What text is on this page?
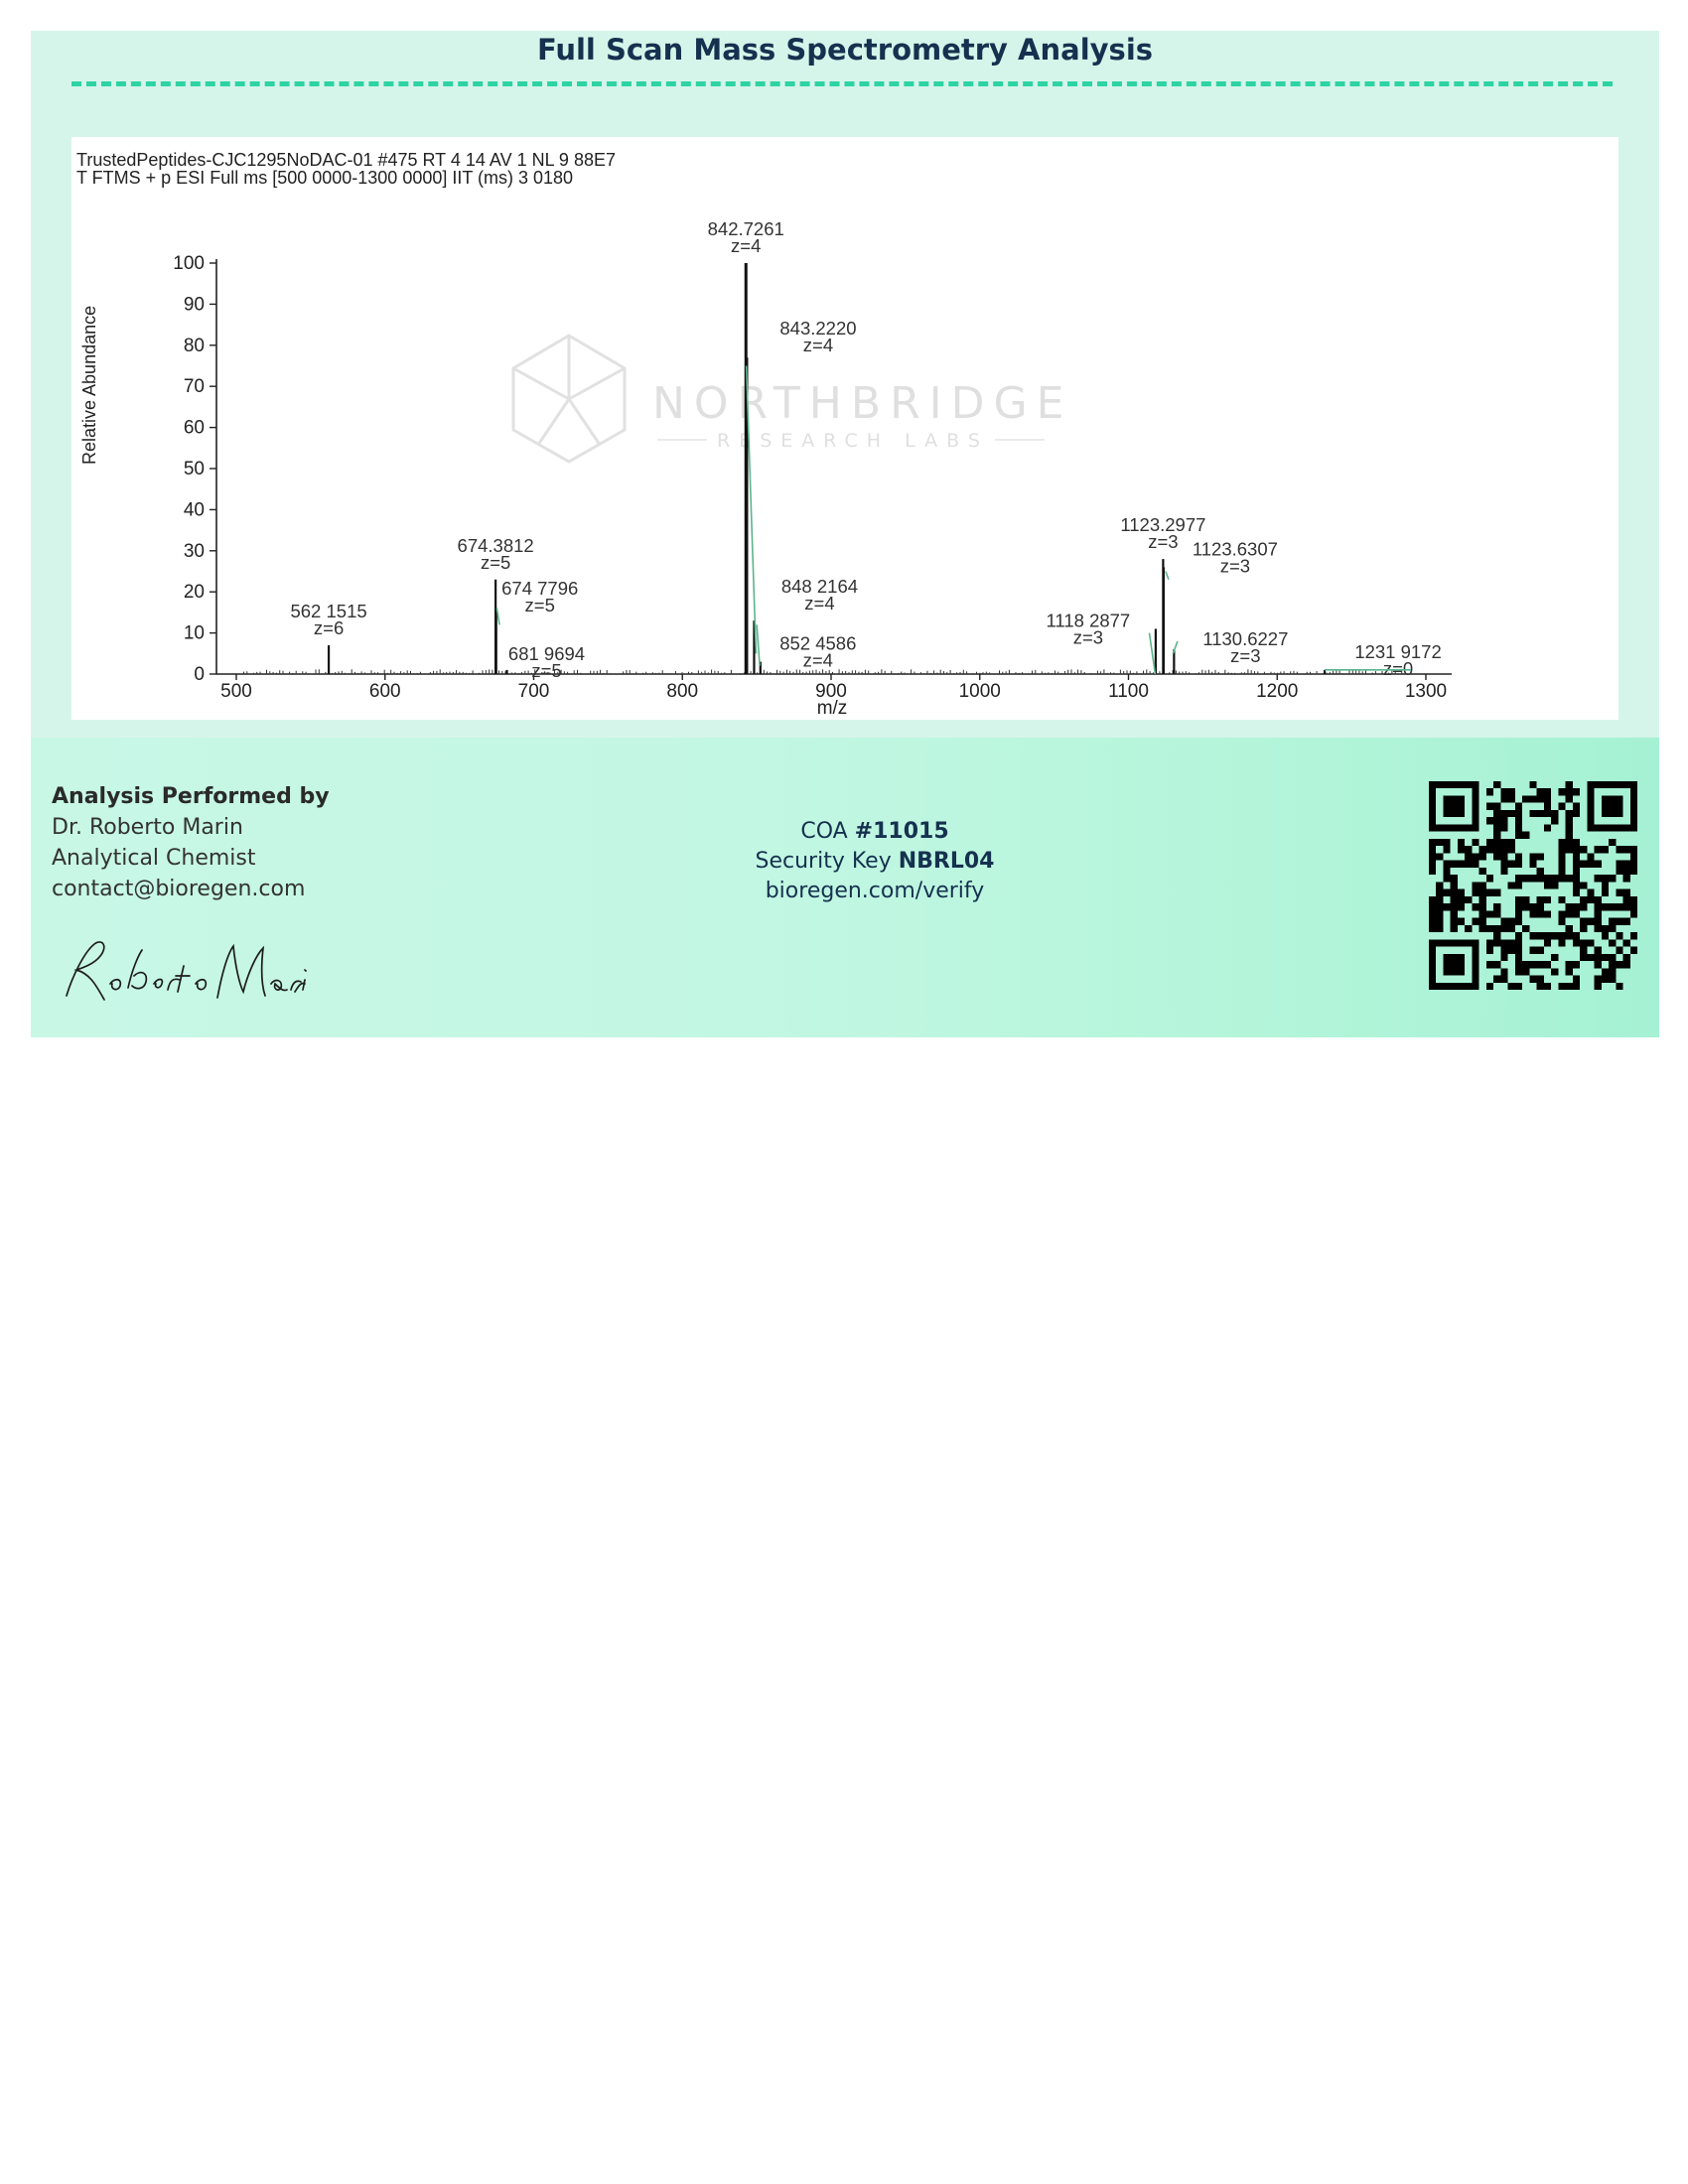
Full Scan Mass Spectrometry Analysis
TrustedPeptides-CJC1295NoDAC-01 #475 RT 4 14 AV 1 NL 9 88E7
T FTMS + p ESI Full ms [500 0000-1300 0000] IIT (ms) 3 0180
NORTHBRIDGE
RESEARCH LABS
Relative Abundance
m/z
0
10
20
30
40
50
60
70
80
90
100
500	600	700	800	900	1000	1100	1200	1300
562 1515
z=6
674.3812
z=5
674 7796
z=5
681 9694
z=5
842.7261
z=4
843.2220
z=4
848 2164
z=4
852 4586
z=4
1118 2877
z=3
1123.2977
z=3 1123.6307
z=3
1130.6227
z=3	1231 9172
z=0
Analysis Performed by
Dr. Roberto Marin
Analytical Chemist
contact@bioregen.com
COA #11015
Security Key NBRL04
bioregen.com/verify
